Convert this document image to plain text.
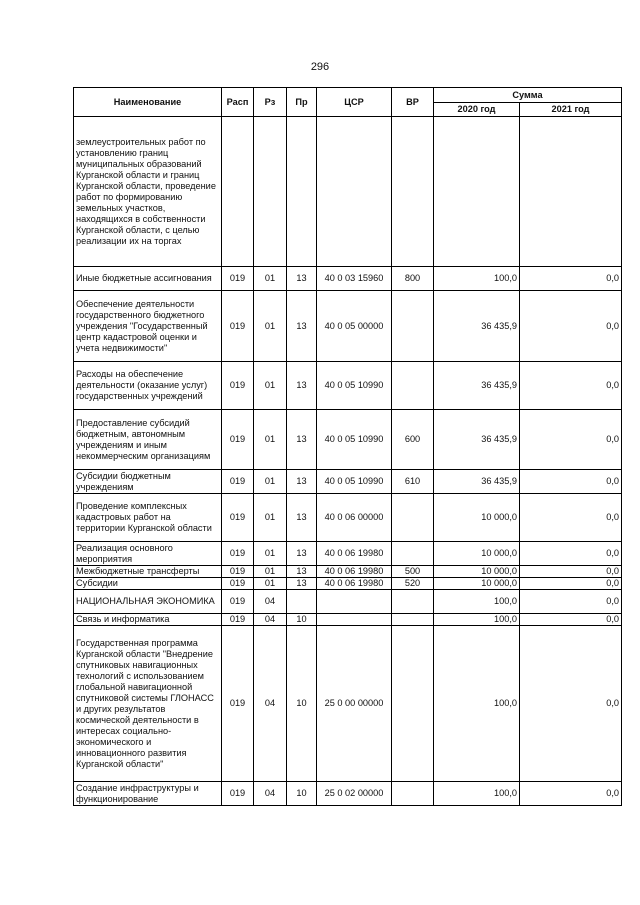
296
Наименование	Расп	Рз	Пр	ЦСР	ВР	Сумма	
						2020 год	2021 год
землеустроительных работ по установлению границ муниципальных образований Курганской области и границ Курганской области, проведение работ по формированию земельных участков, находящихся в собственности Курганской области, с целью реализации их на торгах							
Иные бюджетные ассигнования	019	01	13	40 0 03 15960	800	100,0	0,0
Обеспечение деятельности государственного бюджетного учреждения "Государственный центр кадастровой оценки и учета недвижимости"	019	01	13	40 0 05 00000		36 435,9	0,0
Расходы на обеспечение деятельности (оказание услуг) государственных учреждений	019	01	13	40 0 05 10990		36 435,9	0,0
Предоставление субсидий бюджетным, автономным учреждениям и иным некоммерческим организациям	019	01	13	40 0 05 10990	600	36 435,9	0,0
Субсидии бюджетным учреждениям	019	01	13	40 0 05 10990	610	36 435,9	0,0
Проведение комплексных кадастровых работ на территории Курганской области	019	01	13	40 0 06 00000		10 000,0	0,0
Реализация основного мероприятия	019	01	13	40 0 06 19980		10 000,0	0,0
Межбюджетные трансферты	019	01	13	40 0 06 19980	500	10 000,0	0,0
Субсидии	019	01	13	40 0 06 19980	520	10 000,0	0,0
НАЦИОНАЛЬНАЯ ЭКОНОМИКА	019	04				100,0	0,0
Связь и информатика	019	04	10			100,0	0,0
Государственная программа Курганской области "Внедрение спутниковых навигационных технологий с использованием глобальной навигационной спутниковой системы ГЛОНАСС и других результатов космической деятельности в интересах социально-экономического и инновационного развития Курганской области"	019	04	10	25 0 00 00000		100,0	0,0
Создание инфраструктуры и функционирование	019	04	10	25 0 02 00000		100,0	0,0
